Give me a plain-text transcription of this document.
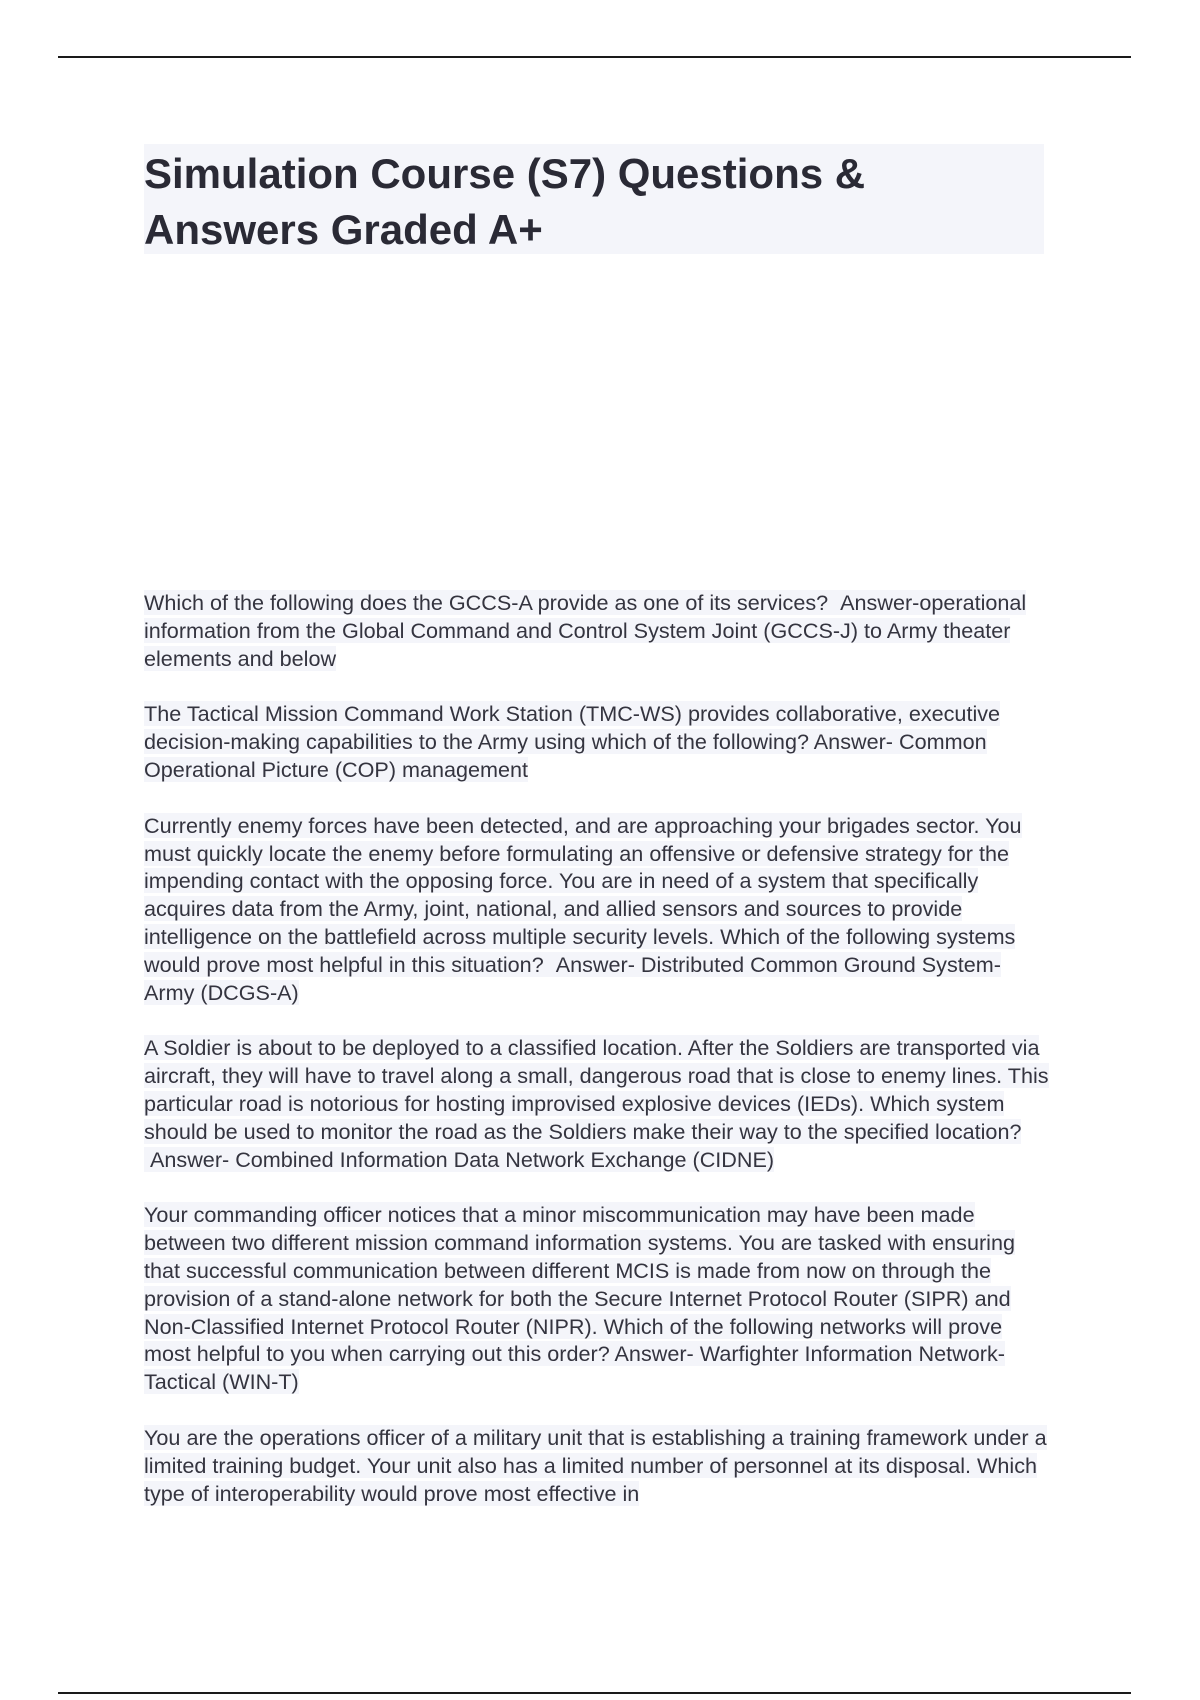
Simulation Course (S7) Questions & Answers Graded A+

Which of the following does the GCCS-A provide as one of its services? Answer-operational information from the Global Command and Control System Joint (GCCS-J) to Army theater elements and below

The Tactical Mission Command Work Station (TMC-WS) provides collaborative, executive decision-making capabilities to the Army using which of the following? Answer- Common Operational Picture (COP) management

Currently enemy forces have been detected, and are approaching your brigades sector. You must quickly locate the enemy before formulating an offensive or defensive strategy for the impending contact with the opposing force. You are in need of a system that specifically acquires data from the Army, joint, national, and allied sensors and sources to provide intelligence on the battlefield across multiple security levels. Which of the following systems would prove most helpful in this situation? Answer- Distributed Common Ground System-Army (DCGS-A)

A Soldier is about to be deployed to a classified location. After the Soldiers are transported via aircraft, they will have to travel along a small, dangerous road that is close to enemy lines. This particular road is notorious for hosting improvised explosive devices (IEDs). Which system should be used to monitor the road as the Soldiers make their way to the specified location? Answer- Combined Information Data Network Exchange (CIDNE)

Your commanding officer notices that a minor miscommunication may have been made between two different mission command information systems. You are tasked with ensuring that successful communication between different MCIS is made from now on through the provision of a stand-alone network for both the Secure Internet Protocol Router (SIPR) and Non-Classified Internet Protocol Router (NIPR). Which of the following networks will prove most helpful to you when carrying out this order? Answer- Warfighter Information Network-Tactical (WIN-T)

You are the operations officer of a military unit that is establishing a training framework under a limited training budget. Your unit also has a limited number of personnel at its disposal. Which type of interoperability would prove most effective in
